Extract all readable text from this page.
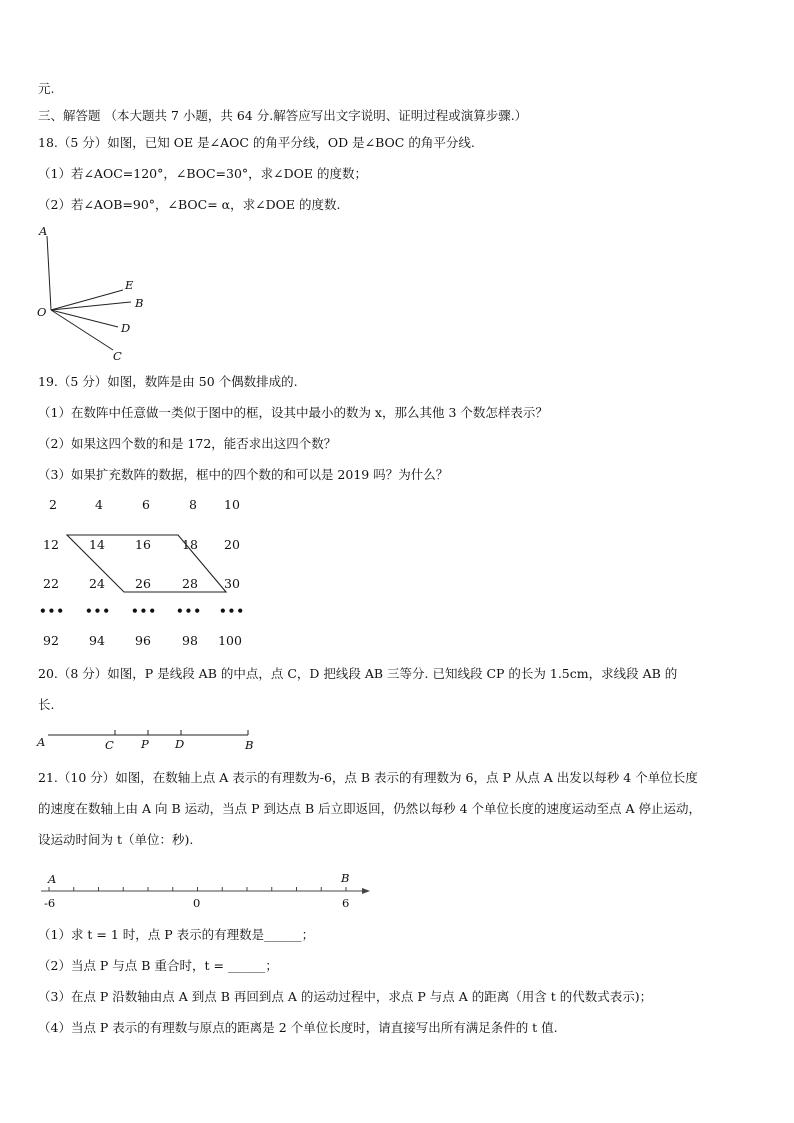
元.
三、解答题 （本大题共 7 小题，共 64 分.解答应写出文字说明、证明过程或演算步骤.）
18.（5 分）如图，已知 OE 是∠AOC 的角平分线，OD 是∠BOC 的角平分线.
（1）若∠AOC=120°，∠BOC=30°，求∠DOE 的度数；
（2）若∠AOB=90°，∠BOC= α，求∠DOE 的度数.
A
E
B
O
D
C
19.（5 分）如图，数阵是由 50 个偶数排成的.
（1）在数阵中任意做一类似于图中的框，设其中最小的数为 x，那么其他 3 个数怎样表示？
（2）如果这四个数的和是 172，能否求出这四个数？
（3）如果扩充数阵的数据，框中的四个数的和可以是 2019 吗？为什么？
2	4	6	8	10
12	14	16	18	20
22	24	26	28	30
••• ••• ••• ••• •••
92	94	96	98	100
20.（8 分）如图，P 是线段 AB 的中点，点 C，D 把线段 AB 三等分. 已知线段 CP 的长为 1.5cm，求线段 AB 的
长.
A	C P D	B
21.（10 分）如图，在数轴上点 A 表示的有理数为-6，点 B 表示的有理数为 6，点 P 从点 A 出发以每秒 4 个单位长度
的速度在数轴上由 A 向 B 运动，当点 P 到达点 B 后立即返回，仍然以每秒 4 个单位长度的速度运动至点 A 停止运动，
设运动时间为 t（单位：秒).
A	B
-6	0	6
（1）求 t = 1 时，点 P 表示的有理数是______；
（2）当点 P 与点 B 重合时，t = ______；
（3）在点 P 沿数轴由点 A 到点 B 再回到点 A 的运动过程中，求点 P 与点 A 的距离（用含 t 的代数式表示)；
（4）当点 P 表示的有理数与原点的距离是 2 个单位长度时，请直接写出所有满足条件的 t 值.
